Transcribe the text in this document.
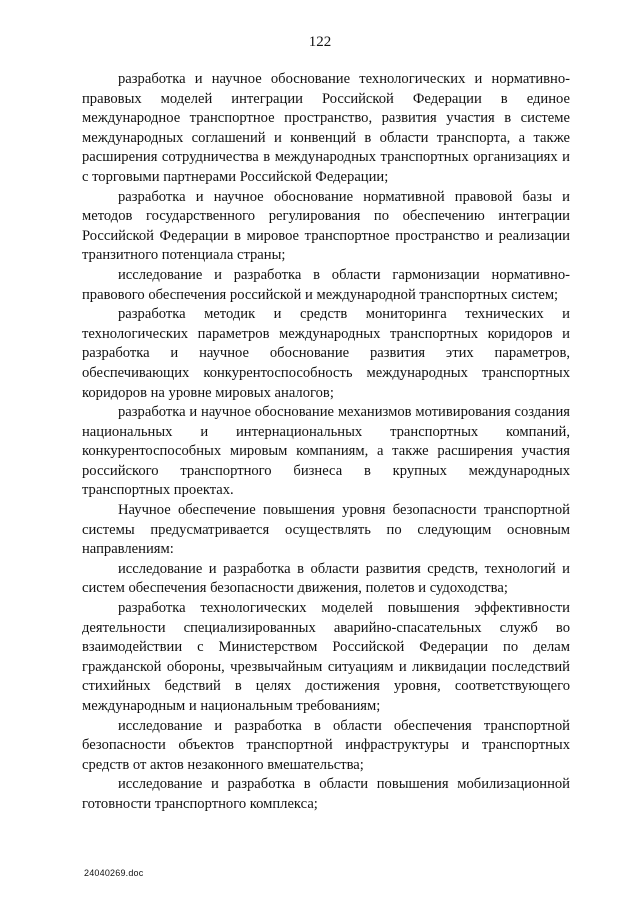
122

разработка и научное обоснование технологических и нормативно-правовых моделей интеграции Российской Федерации в единое международное транспортное пространство, развития участия в системе международных соглашений и конвенций в области транспорта, а также расширения сотрудничества в международных транспортных организациях и с торговыми партнерами Российской Федерации;

разработка и научное обоснование нормативной правовой базы и методов государственного регулирования по обеспечению интеграции Российской Федерации в мировое транспортное пространство и реализации транзитного потенциала страны;

исследование и разработка в области гармонизации нормативно-правового обеспечения российской и международной транспортных систем;

разработка методик и средств мониторинга технических и технологических параметров международных транспортных коридоров и разработка и научное обоснование развития этих параметров, обеспечивающих конкурентоспособность международных транспортных коридоров на уровне мировых аналогов;

разработка и научное обоснование механизмов мотивирования создания национальных и интернациональных транспортных компаний, конкурентоспособных мировым компаниям, а также расширения участия российского транспортного бизнеса в крупных международных транспортных проектах.

Научное обеспечение повышения уровня безопасности транспортной системы предусматривается осуществлять по следующим основным направлениям:

исследование и разработка в области развития средств, технологий и систем обеспечения безопасности движения, полетов и судоходства;

разработка технологических моделей повышения эффективности деятельности специализированных аварийно-спасательных служб во взаимодействии с Министерством Российской Федерации по делам гражданской обороны, чрезвычайным ситуациям и ликвидации последствий стихийных бедствий в целях достижения уровня, соответствующего международным и национальным требованиям;

исследование и разработка в области обеспечения транспортной безопасности объектов транспортной инфраструктуры и транспортных средств от актов незаконного вмешательства;

исследование и разработка в области повышения мобилизационной готовности транспортного комплекса;

24040269.doc
